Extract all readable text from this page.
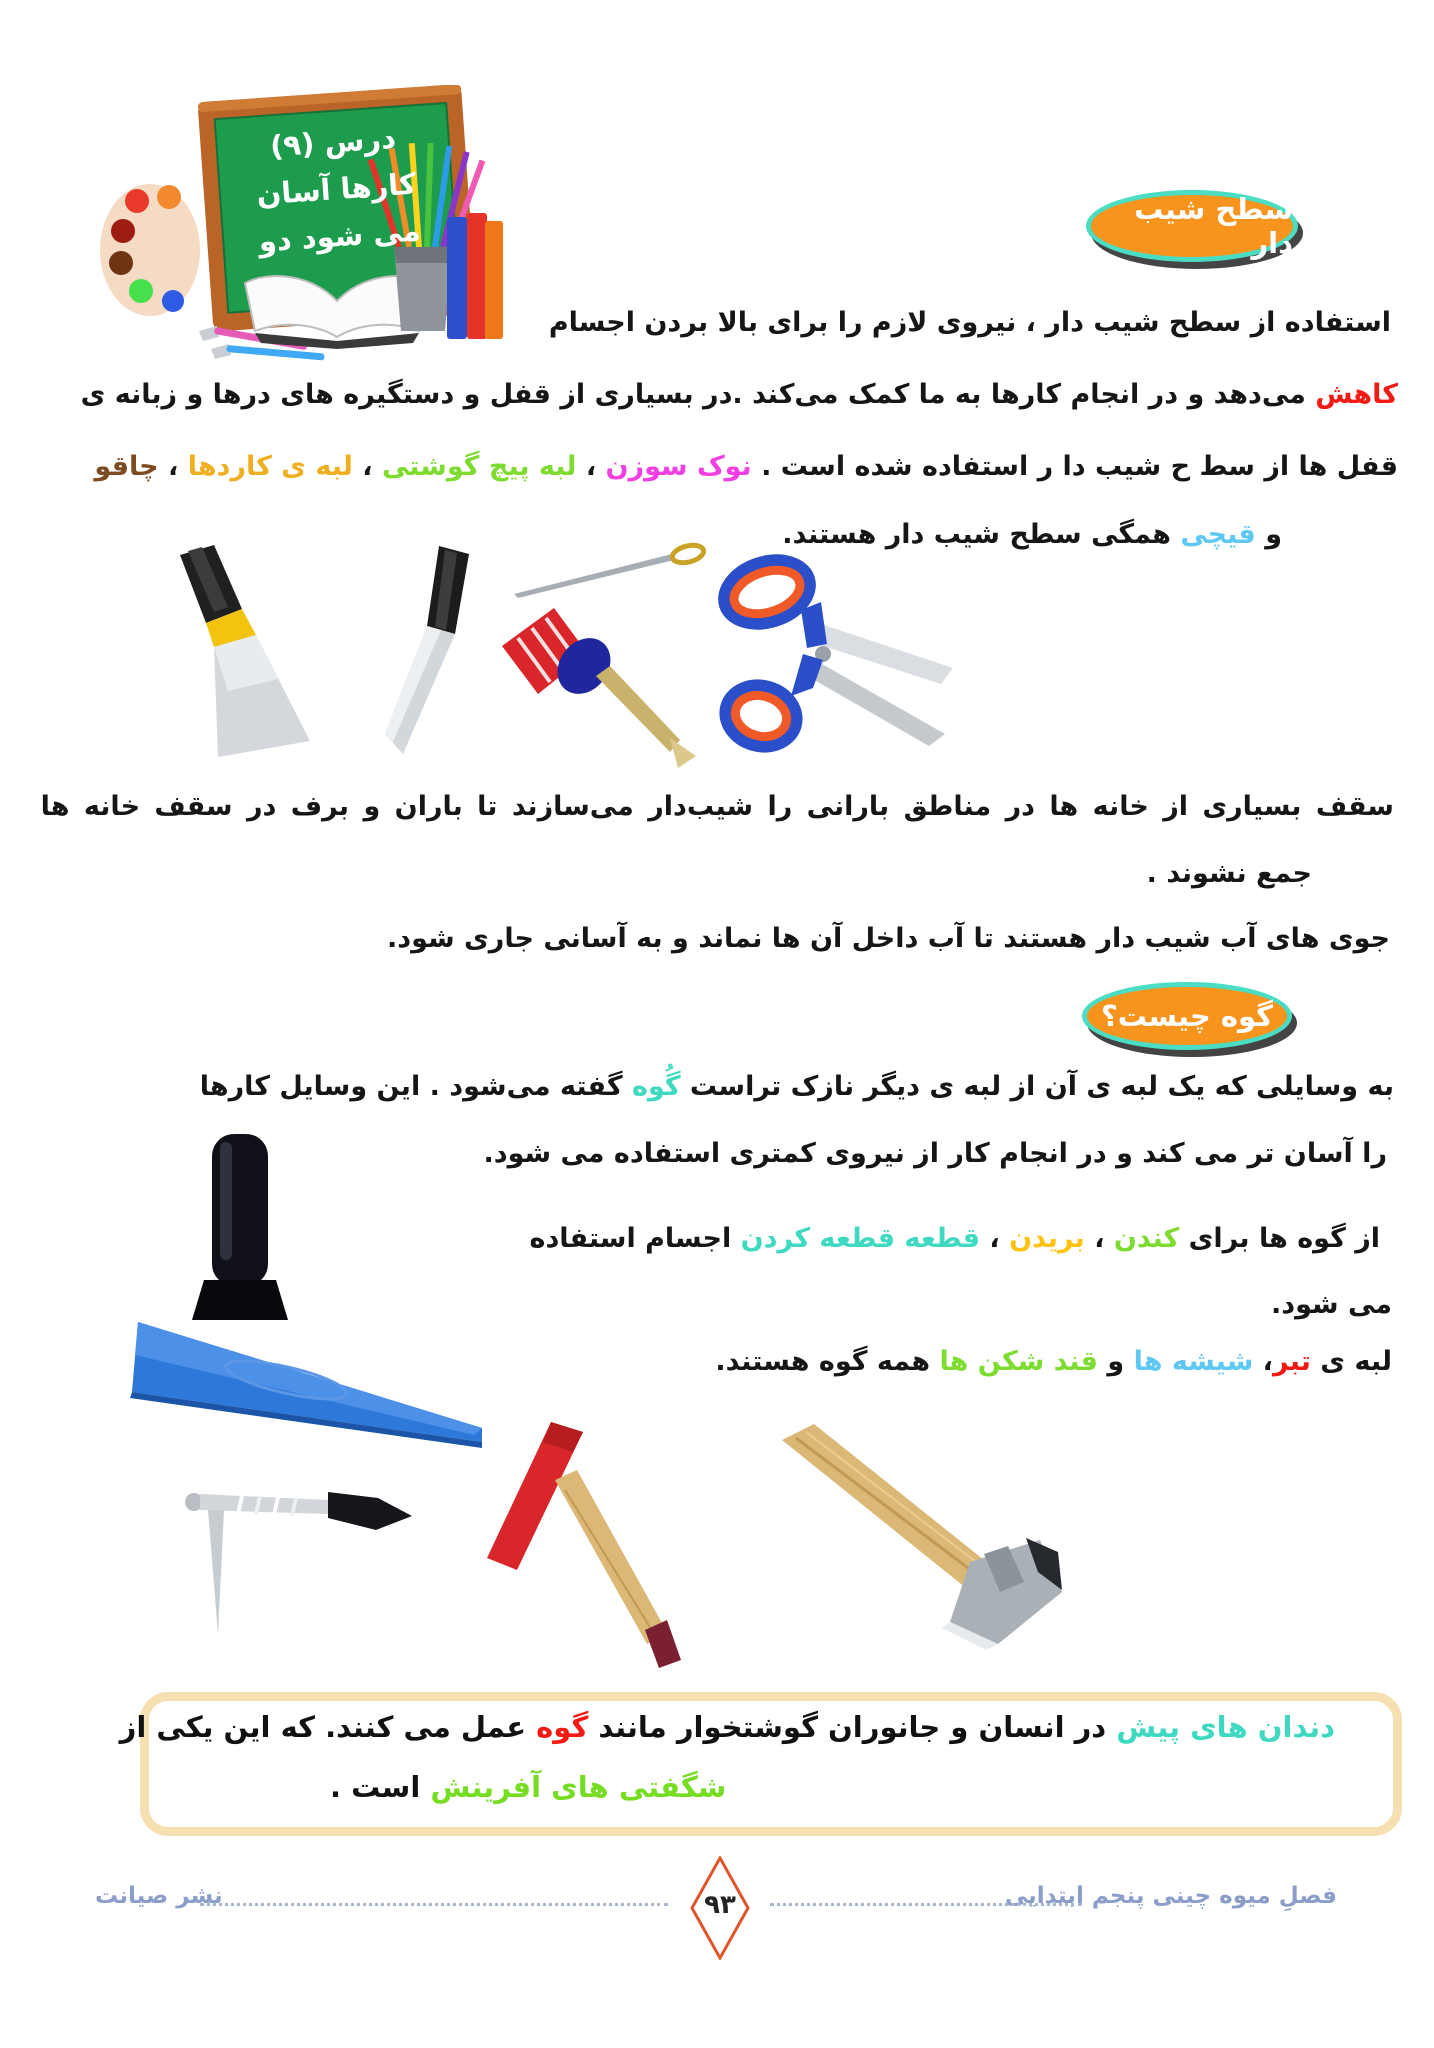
درس (۹)
کارها آسان
می شود دو
سطح شیب دار
استفاده از سطح شیب دار ، نیروی لازم را برای بالا بردن اجسام
کاهش می‌دهد و در انجام کارها به ما کمک می‌کند .در بسیاری از قفل و دستگیره های درها و زبانه ی
قفل ها از سط ح شیب دا ر استفاده شده است . نوک سوزن ، لبه پیچ گوشتی ، لبه ی کاردها ، چاقو
و قیچی همگی سطح شیب دار هستند.
سقف بسیاری از خانه ها در مناطق بارانی را شیب‌دار می‌سازند تا باران و برف در سقف خانه ها
جمع نشوند .
جوی های آب شیب دار هستند تا آب داخل آن ها نماند و به آسانی جاری شود.
گوه چیست؟
به وسایلی که یک لبه ی آن از لبه ی دیگر نازک تراست گُوه گفته می‌شود . این وسایل کارها
را آسان تر می کند و در انجام کار از نیروی کمتری استفاده می شود.
از گوه ها برای کندن ، بریدن ، قطعه قطعه کردن اجسام استفاده
می شود.
لبه ی تبر، شیشه ها و قند شکن ها همه گوه هستند.
دندان های پیش در انسان و جانوران گوشتخوار مانند گوه عمل می کنند. که این یکی از
شگفتی های آفرینش است .
فصلِ میوه چینی پنجم ابتدایی
۹۳
نشر صیانت
